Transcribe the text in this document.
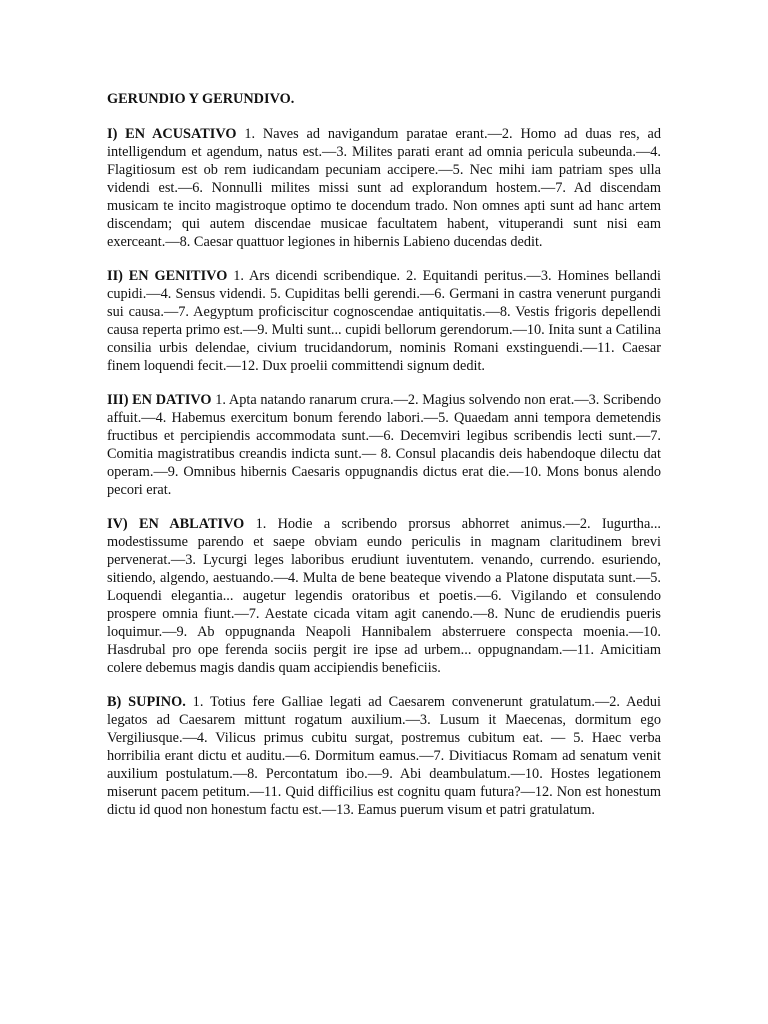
GERUNDIO Y GERUNDIVO.

I) EN ACUSATIVO 1. Naves ad navigandum paratae erant.—2. Homo ad duas res, ad intelligendum et agendum, natus est.—3. Milites parati erant ad omnia pericula subeunda.—4. Flagitiosum est ob rem iudicandam pecuniam accipere.—5. Nec mihi iam patriam spes ulla videndi est.—6. Nonnulli milites missi sunt ad explorandum hostem.—7. Ad discendam musicam te incito magistroque optimo te docendum trado. Non omnes apti sunt ad hanc artem discendam; qui autem discendae musicae facultatem habent, vituperandi sunt nisi eam exerceant.—8. Caesar quattuor legiones in hibernis Labieno ducendas dedit.

II) EN GENITIVO 1. Ars dicendi scribendique. 2. Equitandi peritus.—3. Homines bellandi cupidi.—4. Sensus videndi. 5. Cupiditas belli gerendi.—6. Germani in castra venerunt purgandi sui causa.—7. Aegyptum proficiscitur cognoscendae antiquitatis.—8. Vestis frigoris depellendi causa reperta primo est.—9. Multi sunt... cupidi bellorum gerendorum.—10. Inita sunt a Catilina consilia urbis delendae, civium trucidandorum, nominis Romani exstinguendi.—11. Caesar finem loquendi fecit.—12. Dux proelii committendi signum dedit.

III) EN DATIVO 1. Apta natando ranarum crura.—2. Magius solvendo non erat.—3. Scribendo affuit.—4. Habemus exercitum bonum ferendo labori.—5. Quaedam anni tempora demetendis fructibus et percipiendis accommodata sunt.—6. Decemviri legibus scribendis lecti sunt.—7. Comitia magistratibus creandis indicta sunt.— 8. Consul placandis deis habendoque dilectu dat operam.—9. Omnibus hibernis Caesaris oppugnandis dictus erat die.—10. Mons bonus alendo pecori erat.

IV) EN ABLATIVO 1. Hodie a scribendo prorsus abhorret animus.—2. Iugurtha... modestissume parendo et saepe obviam eundo periculis in magnam claritudinem brevi pervenerat.—3. Lycurgi leges laboribus erudiunt iuventutem. venando, currendo. esuriendo, sitiendo, algendo, aestuando.—4. Multa de bene beateque vivendo a Platone disputata sunt.—5. Loquendi elegantia... augetur legendis oratoribus et poetis.—6. Vigilando et consulendo prospere omnia fiunt.—7. Aestate cicada vitam agit canendo.—8. Nunc de erudiendis pueris loquimur.—9. Ab oppugnanda Neapoli Hannibalem absterruere conspecta moenia.—10. Hasdrubal pro ope ferenda sociis pergit ire ipse ad urbem... oppugnandam.—11. Amicitiam colere debemus magis dandis quam accipiendis beneficiis.

B) SUPINO. 1. Totius fere Galliae legati ad Caesarem convenerunt gratulatum.—2. Aedui legatos ad Caesarem mittunt rogatum auxilium.—3. Lusum it Maecenas, dormitum ego Vergiliusque.—4. Vilicus primus cubitu surgat, postremus cubitum eat. — 5. Haec verba horribilia erant dictu et auditu.—6. Dormitum eamus.—7. Divitiacus Romam ad senatum venit auxilium postulatum.—8. Percontatum ibo.—9. Abi deambulatum.—10. Hostes legationem miserunt pacem petitum.—11. Quid difficilius est cognitu quam futura?—12. Non est honestum dictu id quod non honestum factu est.—13. Eamus puerum visum et patri gratulatum.
